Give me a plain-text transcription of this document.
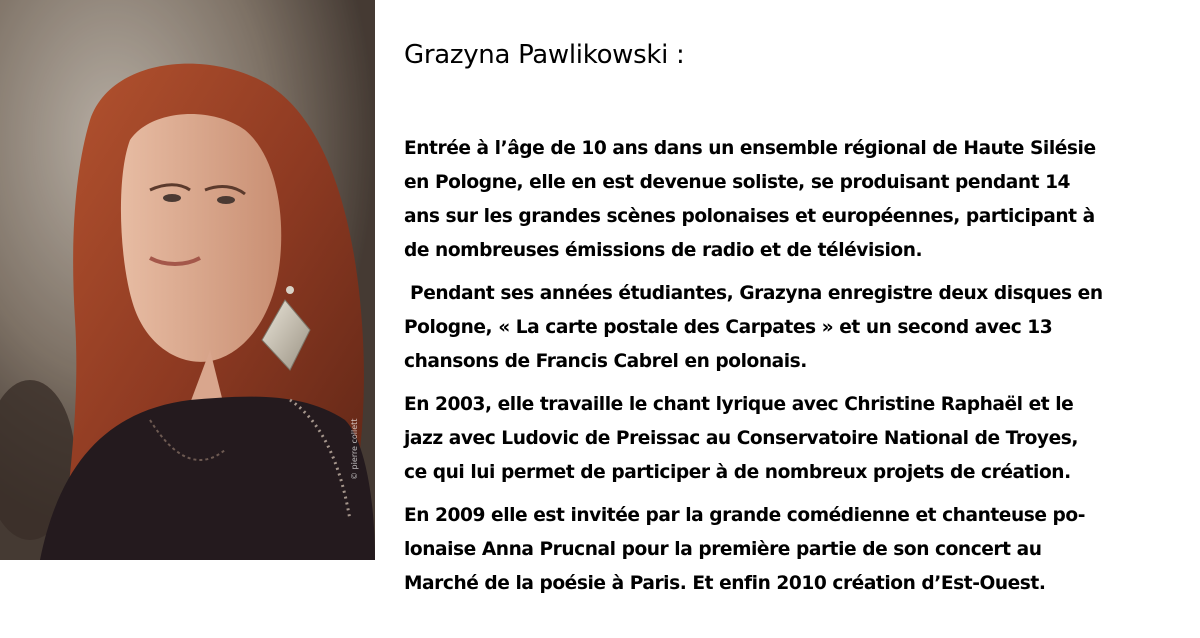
© pierre collett
Grazyna Pawlikowski :

Entrée à l’âge de 10 ans dans un ensemble régional de Haute Silésie
en Pologne, elle en est devenue soliste, se produisant pendant 14
ans sur les grandes scènes polonaises et européennes, participant à
de nombreuses émissions de radio et de télévision.

Pendant ses années étudiantes, Grazyna enregistre deux disques en
Pologne, « La carte postale des Carpates » et un second avec 13
chansons de Francis Cabrel en polonais.

En 2003, elle travaille le chant lyrique avec Christine Raphaël et le
jazz avec Ludovic de Preissac au Conservatoire National de Troyes,
ce qui lui permet de participer à de nombreux projets de création.

En 2009 elle est invitée par la grande comédienne et chanteuse po-
lonaise Anna Prucnal pour la première partie de son concert au
Marché de la poésie à Paris. Et enfin 2010 création d’Est-Ouest.
